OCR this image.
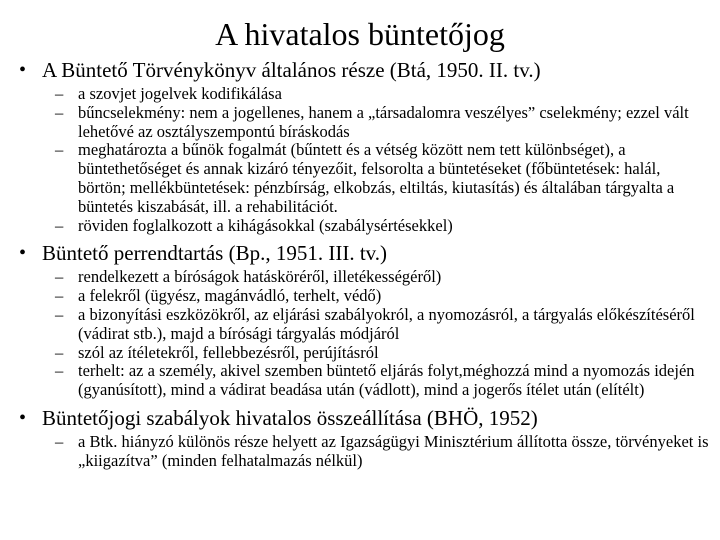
A hivatalos büntetőjog
• A Büntető Törvénykönyv általános része (Btá, 1950. II. tv.)
– a szovjet jogelvek kodifikálása
– bűncselekmény: nem a jogellenes, hanem a „társadalomra veszélyes” cselekmény; ezzel vált lehetővé az osztályszempontú bíráskodás
– meghatározta a bűnök fogalmát (bűntett és a vétség között nem tett különbséget), a büntethetőséget és annak kizáró tényezőit, felsorolta a büntetéseket (főbüntetések: halál, börtön; mellékbüntetések: pénzbírság, elkobzás, eltiltás, kiutasítás) és általában tárgyalta a büntetés kiszabását, ill. a rehabilitációt.
– röviden foglalkozott a kihágásokkal (szabálysértésekkel)
• Büntető perrendtartás (Bp., 1951. III. tv.)
– rendelkezett a bíróságok hatásköréről, illetékességéről)
– a felekről (ügyész, magánvádló, terhelt, védő)
– a bizonyítási eszközökről, az eljárási szabályokról, a nyomozásról, a tárgyalás előkészítéséről (vádirat stb.), majd a bírósági tárgyalás módjáról
– szól az ítéletekről, fellebbezésről, perújításról
– terhelt: az a személy, akivel szemben büntető eljárás folyt,méghozzá mind a nyomozás idején (gyanúsított), mind a vádirat beadása után (vádlott), mind a jogerős ítélet után (elítélt)
• Büntetőjogi szabályok hivatalos összeállítása (BHÖ, 1952)
– a Btk. hiányzó különös része helyett az Igazságügyi Minisztérium állította össze, törvényeket is „kiigazítva” (minden felhatalmazás nélkül)
